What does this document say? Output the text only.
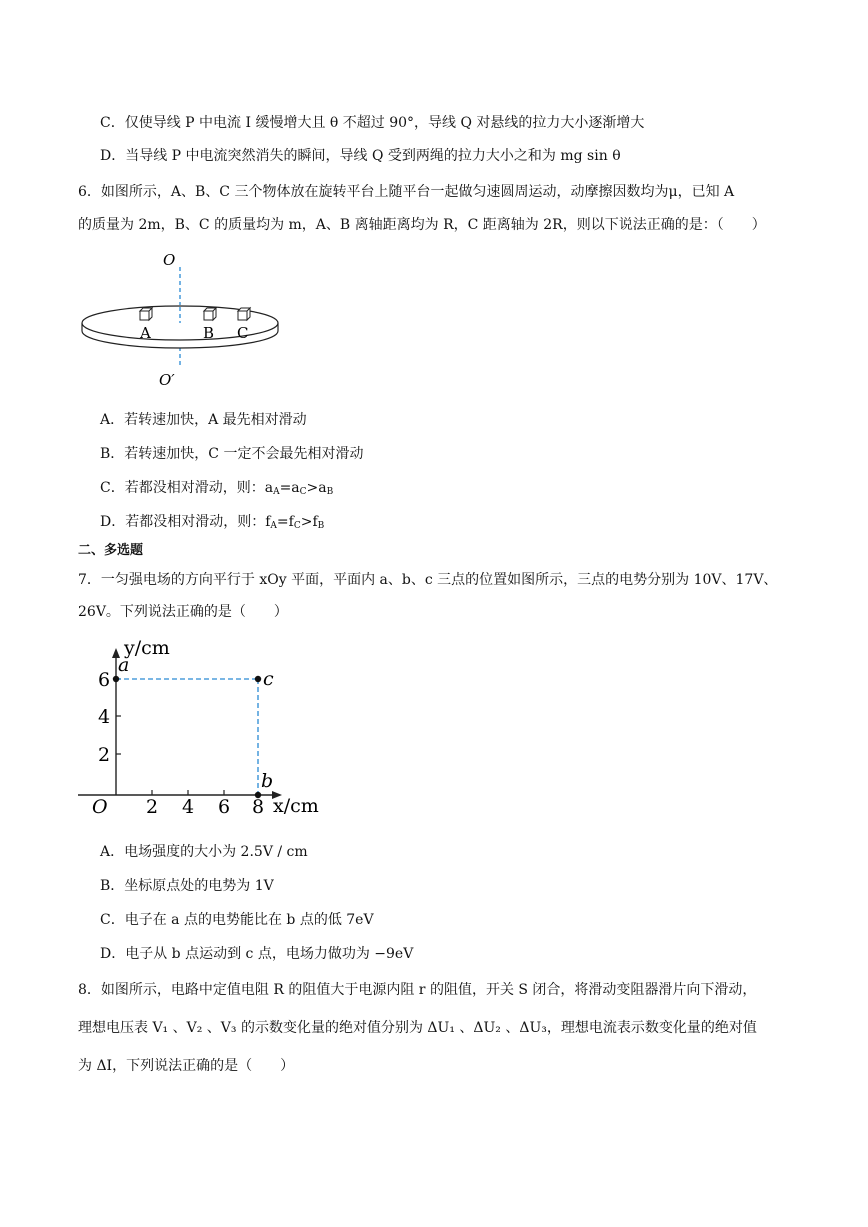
C．仅使导线 P 中电流 I 缓慢增大且 θ 不超过 90°，导线 Q 对悬线的拉力大小逐渐增大
D．当导线 P 中电流突然消失的瞬间，导线 Q 受到两绳的拉力大小之和为 mg sin θ
6．如图所示，A、B、C 三个物体放在旋转平台上随平台一起做匀速圆周运动，动摩擦因数均为μ，已知 A
的质量为 2m，B、C 的质量均为 m，A、B 离轴距离均为 R，C 距离轴为 2R，则以下说法正确的是：（　　）
O
O′
A	B C
A．若转速加快，A 最先相对滑动
B．若转速加快，C 一定不会最先相对滑动
C．若都没相对滑动，则：$a_A=a_C>a_B$
D．若都没相对滑动，则：$f_A=f_C>f_B$
二、多选题
7．一匀强电场的方向平行于 xOy 平面，平面内 a、b、c 三点的位置如图所示，三点的电势分别为 10V、17V、
26V。下列说法正确的是（　　）
y/cm
x/cm
O
a
c
b
6
4
2
2 4 6 8
A．电场强度的大小为 2.5V / cm
B．坐标原点处的电势为 1V
C．电子在 a 点的电势能比在 b 点的低 7eV
D．电子从 b 点运动到 c 点，电场力做功为 −9eV
8．如图所示，电路中定值电阻 R 的阻值大于电源内阻 r 的阻值，开关 S 闭合，将滑动变阻器滑片向下滑动，
理想电压表 V₁ 、V₂ 、V₃ 的示数变化量的绝对值分别为 ΔU₁ 、ΔU₂ 、ΔU₃，理想电流表示数变化量的绝对值
为 ΔI，下列说法正确的是（　　）
